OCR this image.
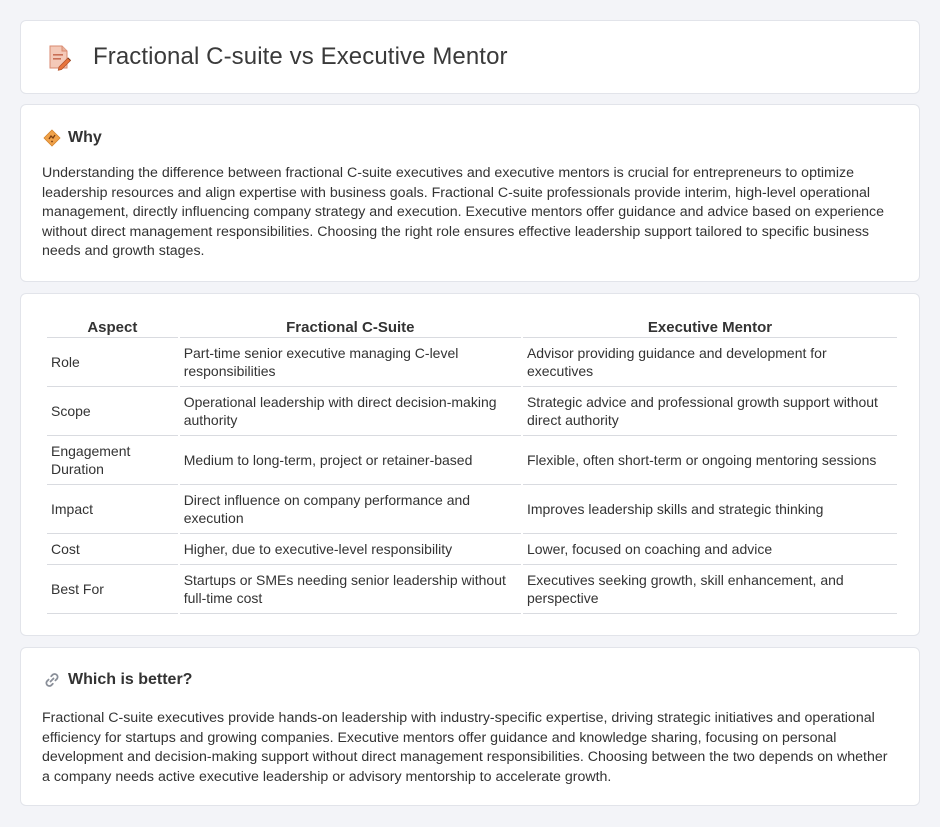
Fractional C-suite vs Executive Mentor
Why

Understanding the difference between fractional C-suite executives and executive mentors is crucial for entrepreneurs to optimize leadership resources and align expertise with business goals. Fractional C-suite professionals provide interim, high-level operational management, directly influencing company strategy and execution. Executive mentors offer guidance and advice based on experience without direct management responsibilities. Choosing the right role ensures effective leadership support tailored to specific business needs and growth stages.

Aspect	Fractional C-Suite	Executive Mentor
Role	Part-time senior executive managing C-level responsibilities	Advisor providing guidance and development for executives
Scope	Operational leadership with direct decision-making authority	Strategic advice and professional growth support without direct authority
Engagement Duration	Medium to long-term, project or retainer-based	Flexible, often short-term or ongoing mentoring sessions
Impact	Direct influence on company performance and execution	Improves leadership skills and strategic thinking
Cost	Higher, due to executive-level responsibility	Lower, focused on coaching and advice
Best For	Startups or SMEs needing senior leadership without full-time cost	Executives seeking growth, skill enhancement, and perspective
Which is better?

Fractional C-suite executives provide hands-on leadership with industry-specific expertise, driving strategic initiatives and operational efficiency for startups and growing companies. Executive mentors offer guidance and knowledge sharing, focusing on personal development and decision-making support without direct management responsibilities. Choosing between the two depends on whether a company needs active executive leadership or advisory mentorship to accelerate growth.
